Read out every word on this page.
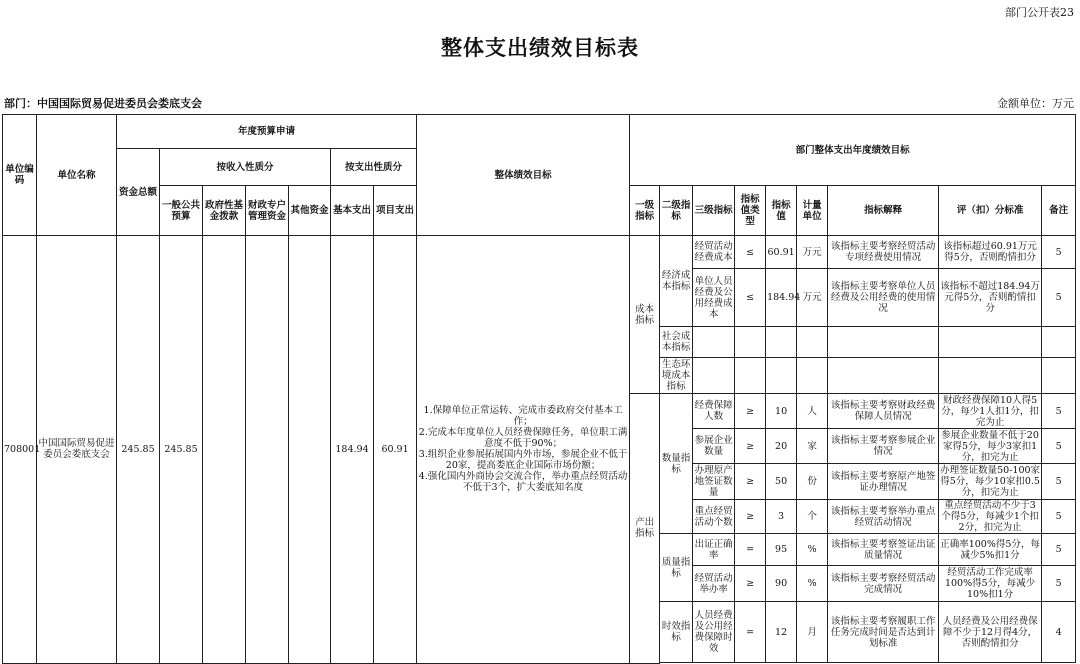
部门公开表23
整体支出绩效目标表
部门：中国国际贸易促进委员会娄底支会	金额单位：万元
单位编码	单位名称	年度预算申请							整体绩效目标	部门整体支出年度绩效目标								
		资金总额	按收入性质分				按支出性质分											
			一般公共预算	政府性基金拨款	财政专户管理资金	其他资金	基本支出	项目支出		一级指标	二级指标	三级指标	指标值类型	指标值	计量单位	指标解释	评（扣）分标准	备注
708001	中国国际贸易促进委员会娄底支会	245.85	245.85				184.94	60.91	1.保障单位正常运转、完成市委政府交付基本工作；
2.完成本年度单位人员经费保障任务，单位职工满意度不低于90%；
3.组织企业参展拓展国内外市场，参展企业不低于20家，提高娄底企业国际市场份额；
4.强化国内外商协会交流合作，举办重点经贸活动不低于3个，扩大娄底知名度	成本指标	经济成本指标	经贸活动经费成本	≤	60.91	万元	该指标主要考察经贸活动专项经费使用情况	该指标超过60.91万元得5分，否则酌情扣分	5
												单位人员经费及公用经费成本	≤	184.94	万元	该指标主要考察单位人员经费及公用经费的使用情况	该指标不超过184.94万元得5分，否则酌情扣分	5
											社会成本指标							
											生态环境成本指标							
										产出指标	数量指标	经费保障人数	≥	10	人	该指标主要考察财政经费保障人员情况	财政经费保障10人得5分，每少1人扣1分，扣完为止	5
												参展企业数量	≥	20	家	该指标主要考察参展企业情况	参展企业数量不低于20家得5分，每少3家扣1分，扣完为止	5
												办理原产地签证数量	≥	50	份	该指标主要考察原产地签证办理情况	办理签证数量50-100家得5分，每少10家扣0.5分，扣完为止	5
												重点经贸活动个数	≥	3	个	该指标主要考察举办重点经贸活动情况	重点经贸活动不少于3个得5分，每减少1个扣2分，扣完为止	5
											质量指标	出证正确率	=	95	%	该指标主要考察签证出证质量情况	正确率100%得5分，每减少5%扣1分	5
												经贸活动举办率	≥	90	%	该指标主要考察经贸活动完成情况	经贸活动工作完成率100%得5分，每减少10%扣1分	5
											时效指标	人员经费及公用经费保障时效	=	12	月	该指标主要考察履职工作任务完成时间是否达到计划标准	人员经费及公用经费保障不少于12月得4分，否则酌情扣分	4
